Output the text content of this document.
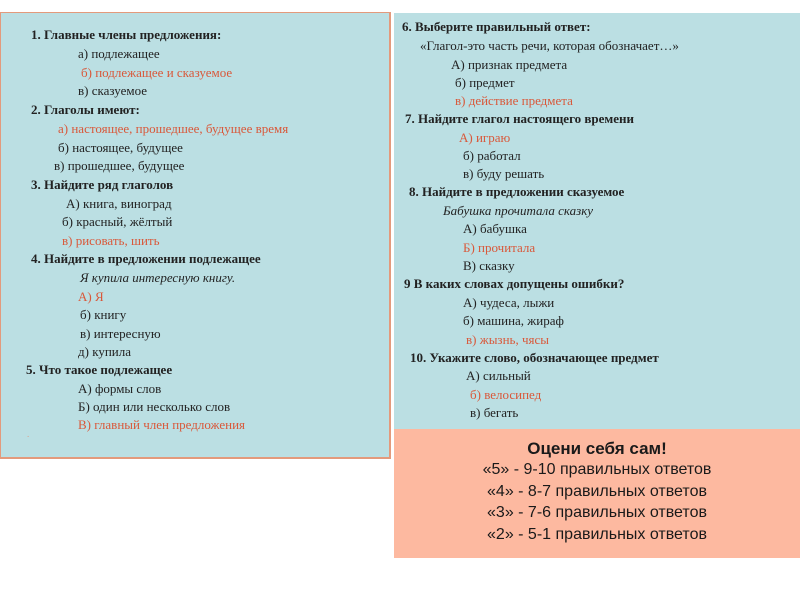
1. Главные члены предложения:
а) подлежащее
б) подлежащее и сказуемое
в) сказуемое
2. Глаголы имеют:
а) настоящее, прошедшее, будущее время
б) настоящее, будущее
в) прошедшее, будущее
3. Найдите ряд глаголов
А) книга, виноград
б) красный, жёлтый
в) рисовать, шить
4. Найдите в предложении подлежащее
Я купила интересную книгу.
А) Я
б) книгу
в) интересную
д) купила
5. Что такое подлежащее
А) формы слов
Б) один или несколько слов
В) главный член предложения
.
6. Выберите правильный ответ:
«Глагол-это часть речи, которая обозначает…»
А) признак предмета
б) предмет
в) действие предмета
7. Найдите глагол настоящего времени
А) играю
б) работал
в) буду решать
8. Найдите в предложении сказуемое
Бабушка прочитала сказку
А) бабушка
Б) прочитала
В) сказку
9 В каких словах допущены ошибки?
А) чудеса, лыжи
б) машина, жираф
в) жызнь, чясы
10. Укажите слово, обозначающее предмет
А) сильный
б) велосипед
в) бегать
Оцени себя сам!
«5» - 9-10 правильных ответов
«4» - 8-7 правильных ответов
«3» - 7-6 правильных ответов
«2» - 5-1 правильных ответов
